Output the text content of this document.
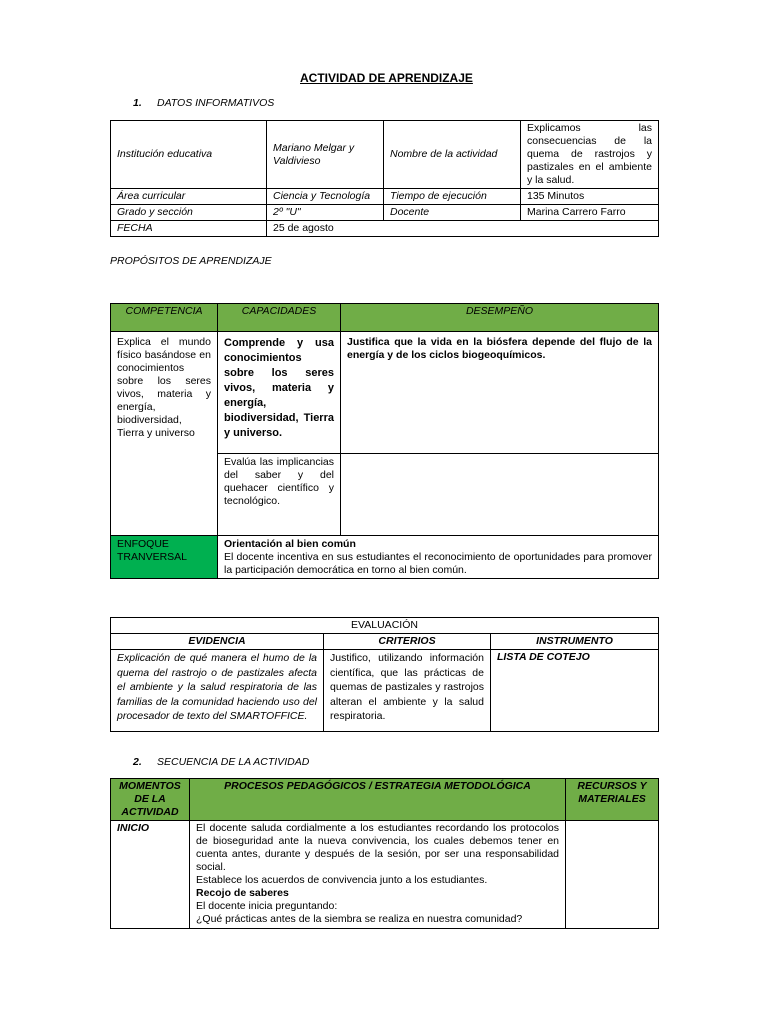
ACTIVIDAD DE APRENDIZAJE
1. DATOS INFORMATIVOS
Institución educativa	Mariano Melgar y Valdivieso	Nombre de la actividad	Explicamos las consecuencias de la quema de rastrojos y pastizales en el ambiente y la salud.
Área curricular	Ciencia y Tecnología	Tiempo de ejecución	135 Minutos
Grado y sección	2º "U"	Docente	Marina Carrero Farro
FECHA	25 de agosto		
PROPÓSITOS DE APRENDIZAJE
COMPETENCIA	CAPACIDADES	DESEMPEÑO
Explica el mundo físico basándose en conocimientos sobre los seres vivos, materia y energía, biodiversidad, Tierra y universo	Comprende y usa conocimientos sobre los seres vivos, materia y energía, biodiversidad, Tierra y universo.	Justifica que la vida en la biósfera depende del flujo de la energía y de los ciclos biogeoquímicos.
	Evalúa las implicancias del saber y del quehacer científico y tecnológico.	
ENFOQUE TRANVERSAL	Orientación al bien común
El docente incentiva en sus estudiantes el reconocimiento de oportunidades para promover la participación democrática en torno al bien común.	
EVALUACIÓN		
EVIDENCIA	CRITERIOS	INSTRUMENTO
Explicación de qué manera el humo de la quema del rastrojo o de pastizales afecta el ambiente y la salud respiratoria de las familias de la comunidad haciendo uso del procesador de texto del SMARTOFFICE.	Justifico, utilizando información científica, que las prácticas de quemas de pastizales y rastrojos alteran el ambiente y la salud respiratoria.	LISTA DE COTEJO
2. SECUENCIA DE LA ACTIVIDAD
MOMENTOS DE LA ACTIVIDAD	PROCESOS PEDAGÓGICOS / ESTRATEGIA METODOLÓGICA	RECURSOS Y MATERIALES
INICIO	El docente saluda cordialmente a los estudiantes recordando los protocolos de bioseguridad ante la nueva convivencia, los cuales debemos tener en cuenta antes, durante y después de la sesión, por ser una responsabilidad social.
Establece los acuerdos de convivencia junto a los estudiantes.
Recojo de saberes
El docente inicia preguntando:
¿Qué prácticas antes de la siembra se realiza en nuestra comunidad?	
